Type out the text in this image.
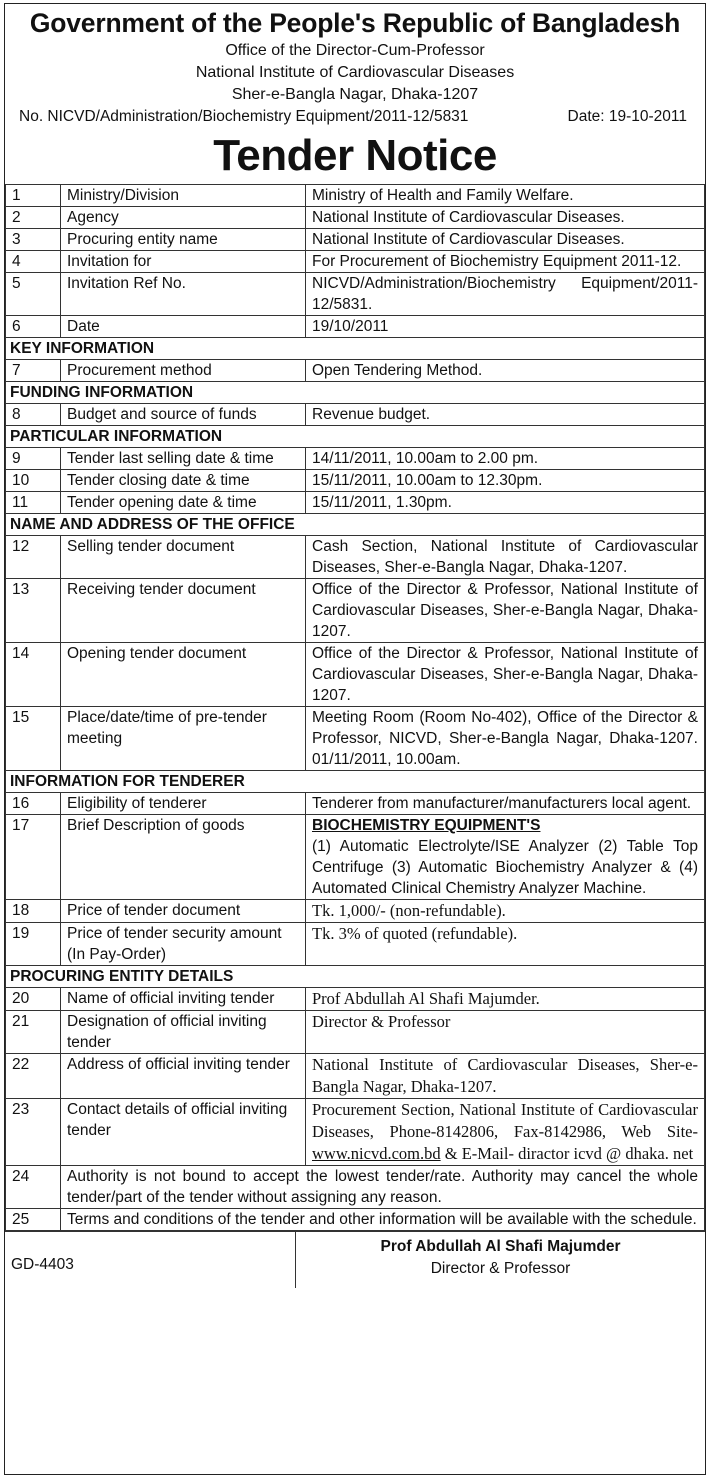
Government of the People's Republic of Bangladesh
Office of the Director-Cum-Professor
National Institute of Cardiovascular Diseases
Sher-e-Bangla Nagar, Dhaka-1207
No. NICVD/Administration/Biochemistry Equipment/2011-12/5831	Date: 19-10-2011
Tender Notice
1	Ministry/Division	Ministry of Health and Family Welfare.
2	Agency	National Institute of Cardiovascular Diseases.
3	Procuring entity name	National Institute of Cardiovascular Diseases.
4	Invitation for	For Procurement of Biochemistry Equipment 2011-12.
5	Invitation Ref No.	NICVD/Administration/Biochemistry Equipment/2011-12/5831.
6	Date	19/10/2011
KEY INFORMATION		
7	Procurement method	Open Tendering Method.
FUNDING INFORMATION		
8	Budget and source of funds	Revenue budget.
PARTICULAR INFORMATION		
9	Tender last selling date & time	14/11/2011, 10.00am to 2.00 pm.
10	Tender closing date & time	15/11/2011, 10.00am to 12.30pm.
11	Tender opening date & time	15/11/2011, 1.30pm.
NAME AND ADDRESS OF THE OFFICE		
12	Selling tender document	Cash Section, National Institute of Cardiovascular Diseases, Sher-e-Bangla Nagar, Dhaka-1207.
13	Receiving tender document	Office of the Director & Professor, National Institute of Cardiovascular Diseases, Sher-e-Bangla Nagar, Dhaka-1207.
14	Opening tender document	Office of the Director & Professor, National Institute of Cardiovascular Diseases, Sher-e-Bangla Nagar, Dhaka-1207.
15	Place/date/time of pre-tender meeting	Meeting Room (Room No-402), Office of the Director & Professor, NICVD, Sher-e-Bangla Nagar, Dhaka-1207. 01/11/2011, 10.00am.
INFORMATION FOR TENDERER		
16	Eligibility of tenderer	Tenderer from manufacturer/manufacturers local agent.
17	Brief Description of goods	BIOCHEMISTRY EQUIPMENT'S
(1) Automatic Electrolyte/ISE Analyzer (2) Table Top Centrifuge (3) Automatic Biochemistry Analyzer & (4) Automated Clinical Chemistry Analyzer Machine.
18	Price of tender document	Tk. 1,000/- (non-refundable).
19	Price of tender security amount (In Pay-Order)	Tk. 3% of quoted (refundable).
PROCURING ENTITY DETAILS		
20	Name of official inviting tender	Prof Abdullah Al Shafi Majumder.
21	Designation of official inviting tender	Director & Professor
22	Address of official inviting tender	National Institute of Cardiovascular Diseases, Sher-e-Bangla Nagar, Dhaka-1207.
23	Contact details of official inviting tender	Procurement Section, National Institute of Cardiovascular Diseases, Phone-8142806, Fax-8142986, Web Site- www.nicvd.com.bd & E-Mail- diractor icvd @ dhaka. net
24	Authority is not bound to accept the lowest tender/rate. Authority may cancel the whole tender/part of the tender without assigning any reason.	
25	Terms and conditions of the tender and other information will be available with the schedule.	
GD-4403
Prof Abdullah Al Shafi Majumder
Director & Professor
